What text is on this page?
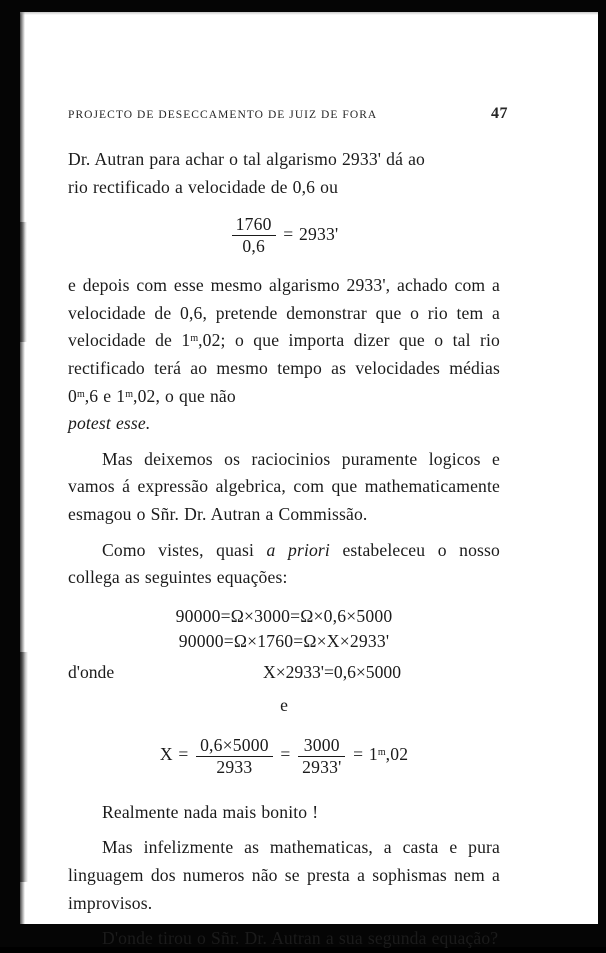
PROJECTO DE DESECCAMENTO DE JUIZ DE FORA	47

Dr. Autran para achar o tal algarismo 2933' dá ao
rio rectificado a velocidade de 0,6 ou

$\frac{1760}{0,6} = 2933'$

e depois com esse mesmo algarismo 2933', achado com a velocidade de 0,6, pretende demonstrar que o rio tem a velocidade de 1$^m$,02; o que importa dizer que o tal rio rectificado terá ao mesmo tempo as velocidades médias 0$^m$,6 e 1$^m$,02, o que não
potest esse.

Mas deixemos os raciocinios puramente logicos e vamos á expressão algebrica, com que mathematicamente esmagou o Sñr. Dr. Autran a Commissão.

Como vistes, quasi a priori estabeleceu o nosso collega as seguintes equações:

90000=Ω×3000=Ω×0,6×5000
90000=Ω×1760=Ω×X×2933'
d'onde	X×2933'=0,6×5000
e
$X = \frac{0,6\times 5000}{2933} = \frac{3000}{2933'} = 1^m,02$

Realmente nada mais bonito !

Mas infelizmente as mathematicas, a casta e pura linguagem dos numeros não se presta a sophismas nem a improvisos.

D'onde tirou o Sñr. Dr. Autran a sua segunda equação?
